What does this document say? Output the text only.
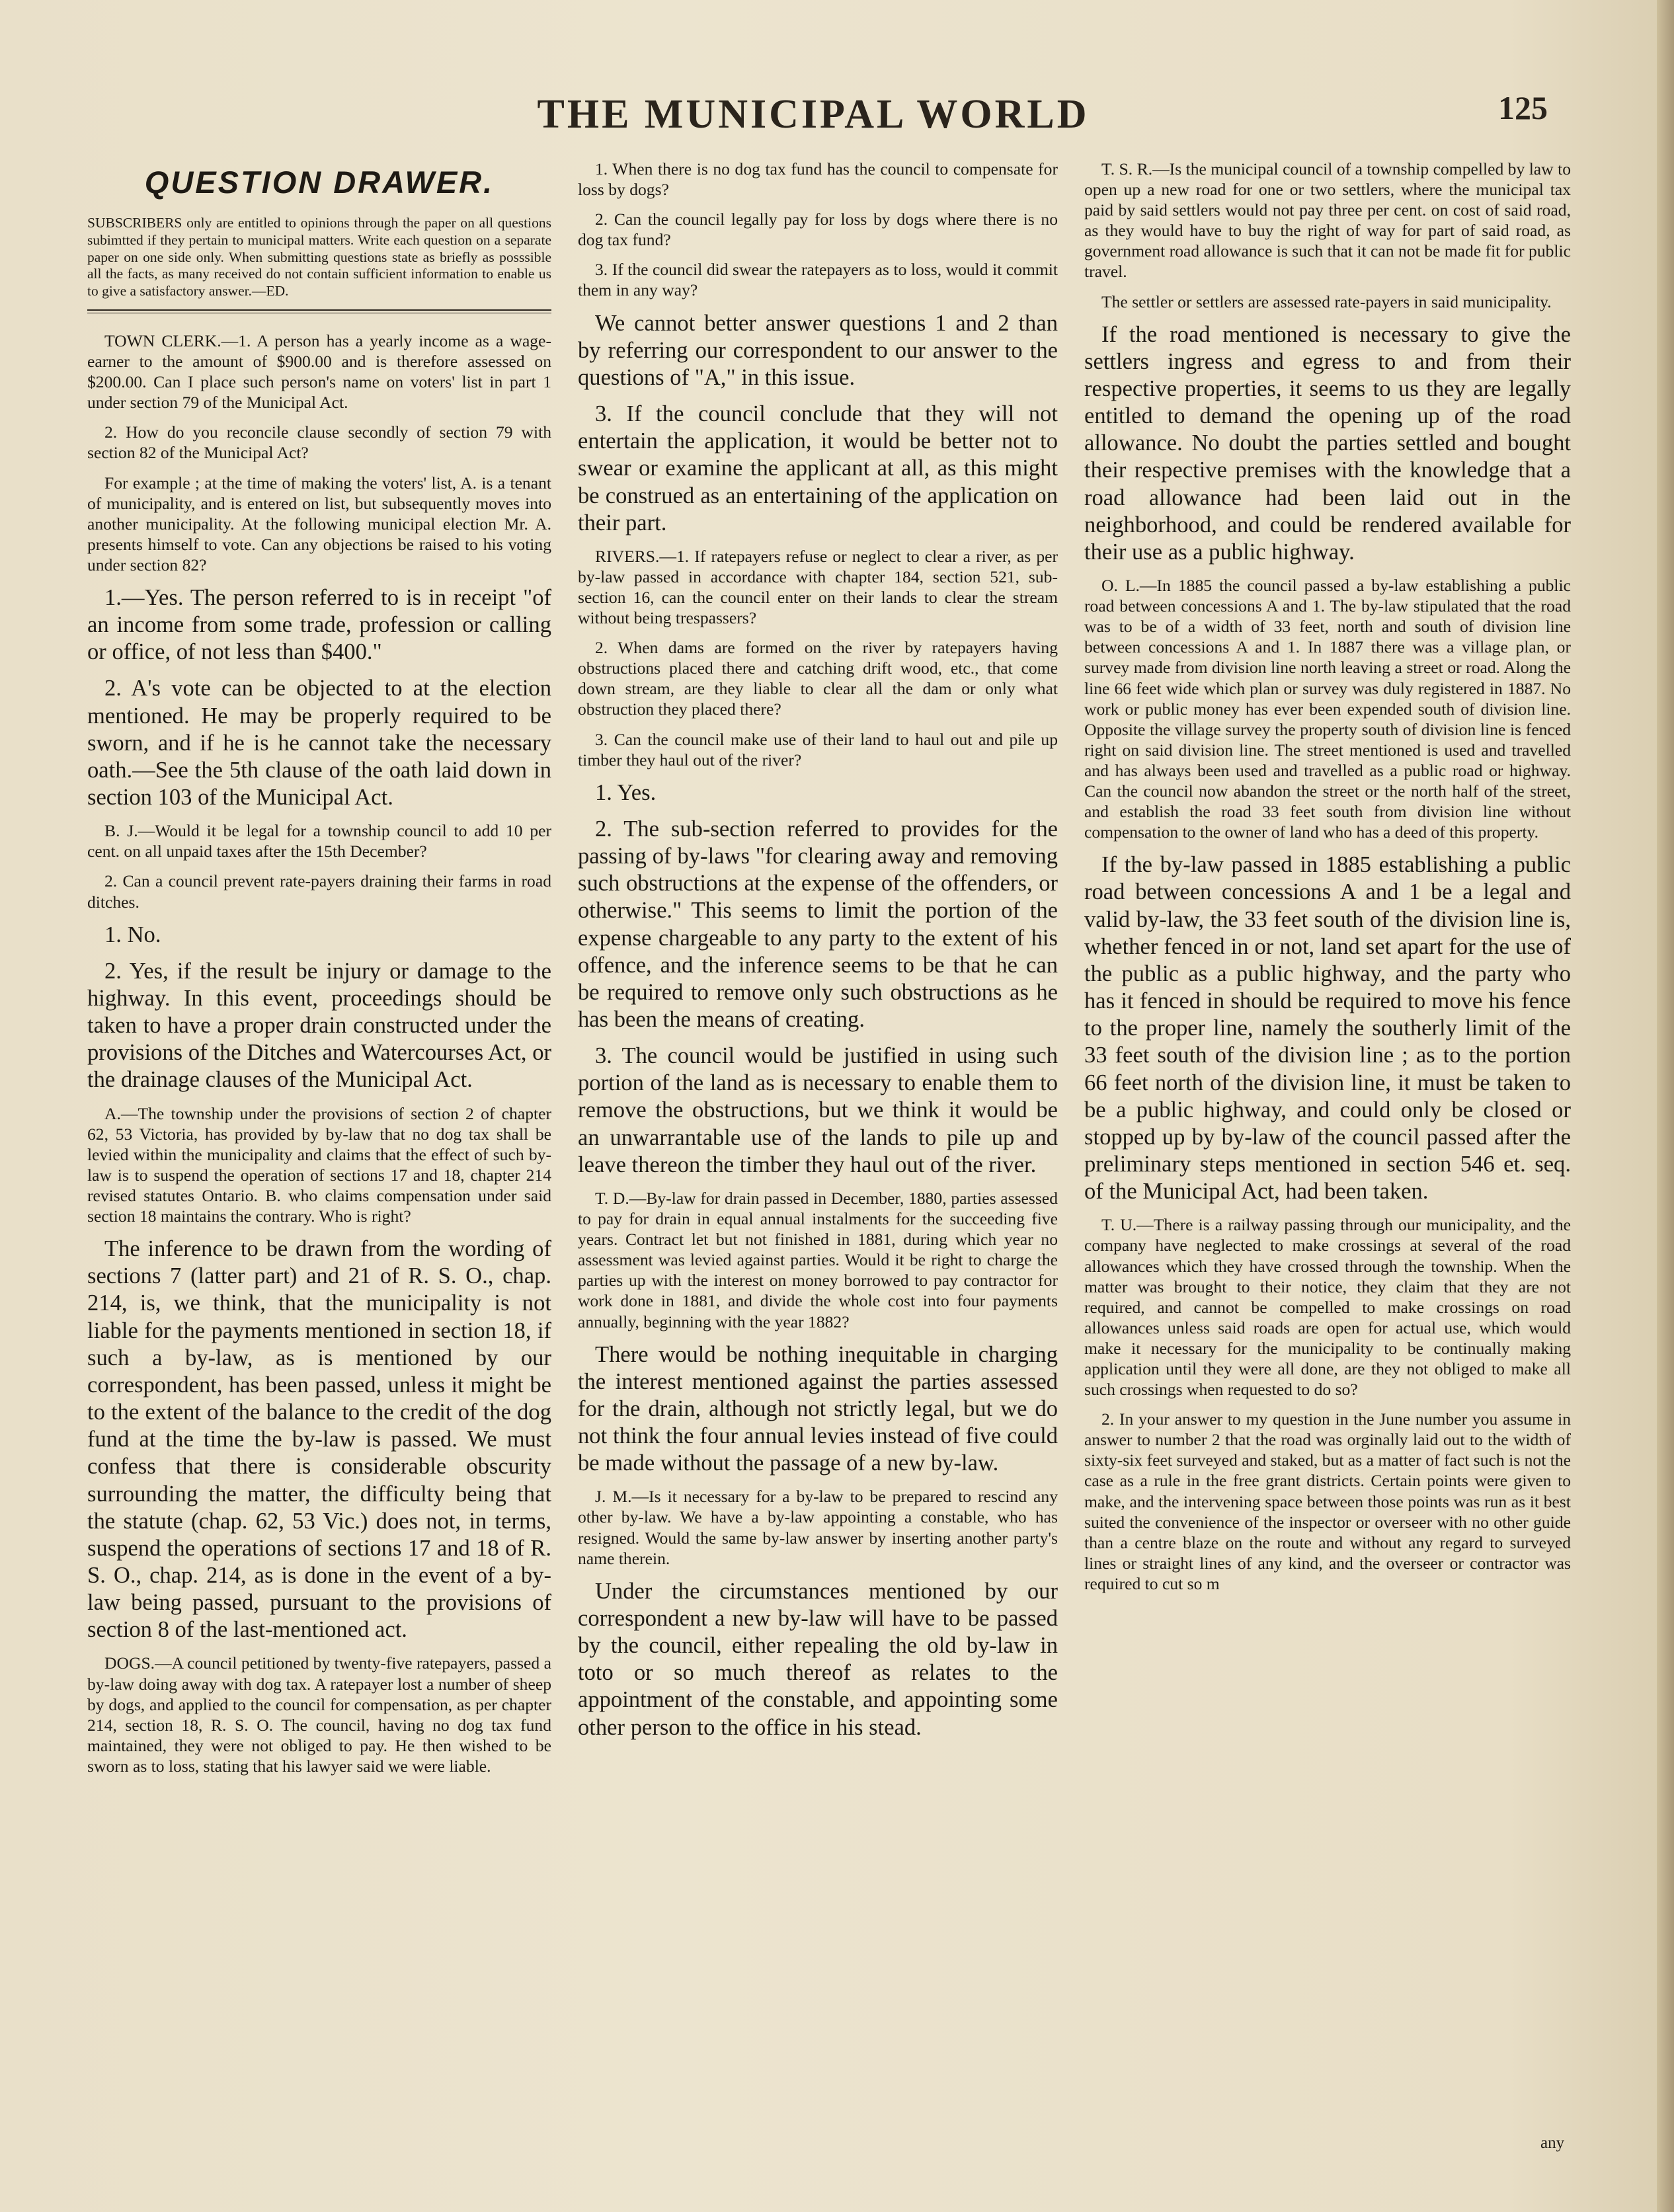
THE MUNICIPAL WORLD	125
QUESTION DRAWER.

SUBSCRIBERS only are entitled to opinions through the paper on all questions subimtted if they pertain to municipal matters. Write each question on a separate paper on one side only. When submitting questions state as briefly as posssible all the facts, as many received do not contain sufficient information to enable us to give a satisfactory answer.—ED.

TOWN CLERK.—1. A person has a yearly income as a wage-earner to the amount of $900.00 and is therefore assessed on $200.00. Can I place such person's name on voters' list in part 1 under section 79 of the Municipal Act.

2. How do you reconcile clause secondly of section 79 with section 82 of the Municipal Act?

For example ; at the time of making the voters' list, A. is a tenant of municipality, and is entered on list, but subsequently moves into another municipality. At the following municipal election Mr. A. presents himself to vote. Can any objections be raised to his voting under section 82?

1.—Yes. The person referred to is in receipt "of an income from some trade, profession or calling or office, of not less than $400."

2. A's vote can be objected to at the election mentioned. He may be properly required to be sworn, and if he is he cannot take the necessary oath.—See the 5th clause of the oath laid down in section 103 of the Municipal Act.

B. J.—Would it be legal for a township council to add 10 per cent. on all unpaid taxes after the 15th December?

2. Can a council prevent rate-payers draining their farms in road ditches.

1. No.

2. Yes, if the result be injury or damage to the highway. In this event, proceedings should be taken to have a proper drain constructed under the provisions of the Ditches and Watercourses Act, or the drainage clauses of the Municipal Act.

A.—The township under the provisions of section 2 of chapter 62, 53 Victoria, has provided by by-law that no dog tax shall be levied within the municipality and claims that the effect of such by-law is to suspend the operation of sections 17 and 18, chapter 214 revised statutes Ontario. B. who claims compensation under said section 18 maintains the contrary. Who is right?

The inference to be drawn from the wording of sections 7 (latter part) and 21 of R. S. O., chap. 214, is, we think, that the municipality is not liable for the payments mentioned in section 18, if such a by-law, as is mentioned by our correspondent, has been passed, unless it might be to the extent of the balance to the credit of the dog fund at the time the by-law is passed. We must confess that there is considerable obscurity surrounding the matter, the difficulty being that the statute (chap. 62, 53 Vic.) does not, in terms, suspend the operations of sections 17 and 18 of R. S. O., chap. 214, as is done in the event of a by-law being passed, pursuant to the provisions of section 8 of the last-mentioned act.

DOGS.—A council petitioned by twenty-five ratepayers, passed a by-law doing away with dog tax. A ratepayer lost a number of sheep by dogs, and applied to the council for compensation, as per chapter 214, section 18, R. S. O. The council, having no dog tax fund maintained, they were not obliged to pay. He then wished to be sworn as to loss, stating that his lawyer said we were liable.

1. When there is no dog tax fund has the council to compensate for loss by dogs?

2. Can the council legally pay for loss by dogs where there is no dog tax fund?

3. If the council did swear the ratepayers as to loss, would it commit them in any way?

We cannot better answer questions 1 and 2 than by referring our correspondent to our answer to the questions of "A," in this issue.

3. If the council conclude that they will not entertain the application, it would be better not to swear or examine the applicant at all, as this might be construed as an entertaining of the application on their part.

RIVERS.—1. If ratepayers refuse or neglect to clear a river, as per by-law passed in accordance with chapter 184, section 521, sub-section 16, can the council enter on their lands to clear the stream without being trespassers?

2. When dams are formed on the river by ratepayers having obstructions placed there and catching drift wood, etc., that come down stream, are they liable to clear all the dam or only what obstruction they placed there?

3. Can the council make use of their land to haul out and pile up timber they haul out of the river?

1. Yes.

2. The sub-section referred to provides for the passing of by-laws "for clearing away and removing such obstructions at the expense of the offenders, or otherwise." This seems to limit the portion of the expense chargeable to any party to the extent of his offence, and the inference seems to be that he can be required to remove only such obstructions as he has been the means of creating.

3. The council would be justified in using such portion of the land as is necessary to enable them to remove the obstructions, but we think it would be an unwarrantable use of the lands to pile up and leave thereon the timber they haul out of the river.

T. D.—By-law for drain passed in December, 1880, parties assessed to pay for drain in equal annual instalments for the succeeding five years. Contract let but not finished in 1881, during which year no assessment was levied against parties. Would it be right to charge the parties up with the interest on money borrowed to pay contractor for work done in 1881, and divide the whole cost into four payments annually, beginning with the year 1882?

There would be nothing inequitable in charging the interest mentioned against the parties assessed for the drain, although not strictly legal, but we do not think the four annual levies instead of five could be made without the passage of a new by-law.

J. M.—Is it necessary for a by-law to be prepared to rescind any other by-law. We have a by-law appointing a constable, who has resigned. Would the same by-law answer by inserting another party's name therein.

Under the circumstances mentioned by our correspondent a new by-law will have to be passed by the council, either repealing the old by-law in toto or so much thereof as relates to the appointment of the constable, and appointing some other person to the office in his stead.

T. S. R.—Is the municipal council of a township compelled by law to open up a new road for one or two settlers, where the municipal tax paid by said settlers would not pay three per cent. on cost of said road, as they would have to buy the right of way for part of said road, as government road allowance is such that it can not be made fit for public travel.

The settler or settlers are assessed rate-payers in said municipality.

If the road mentioned is necessary to give the settlers ingress and egress to and from their respective properties, it seems to us they are legally entitled to demand the opening up of the road allowance. No doubt the parties settled and bought their respective premises with the knowledge that a road allowance had been laid out in the neighborhood, and could be rendered available for their use as a public highway.

O. L.—In 1885 the council passed a by-law establishing a public road between concessions A and 1. The by-law stipulated that the road was to be of a width of 33 feet, north and south of division line between concessions A and 1. In 1887 there was a village plan, or survey made from division line north leaving a street or road. Along the line 66 feet wide which plan or survey was duly registered in 1887. No work or public money has ever been expended south of division line. Opposite the village survey the property south of division line is fenced right on said division line. The street mentioned is used and travelled and has always been used and travelled as a public road or highway. Can the council now abandon the street or the north half of the street, and establish the road 33 feet south from division line without compensation to the owner of land who has a deed of this property.

If the by-law passed in 1885 establishing a public road between concessions A and 1 be a legal and valid by-law, the 33 feet south of the division line is, whether fenced in or not, land set apart for the use of the public as a public highway, and the party who has it fenced in should be required to move his fence to the proper line, namely the southerly limit of the 33 feet south of the division line ; as to the portion 66 feet north of the division line, it must be taken to be a public highway, and could only be closed or stopped up by by-law of the council passed after the preliminary steps mentioned in section 546 et. seq. of the Municipal Act, had been taken.

T. U.—There is a railway passing through our municipality, and the company have neglected to make crossings at several of the road allowances which they have crossed through the township. When the matter was brought to their notice, they claim that they are not required, and cannot be compelled to make crossings on road allowances unless said roads are open for actual use, which would make it necessary for the municipality to be continually making application until they were all done, are they not obliged to make all such crossings when requested to do so?

2. In your answer to my question in the June number you assume in answer to number 2 that the road was orginally laid out to the width of sixty-six feet surveyed and staked, but as a matter of fact such is not the case as a rule in the free grant districts. Certain points were given to make, and the intervening space between those points was run as it best suited the convenience of the inspector or overseer with no other guide than a centre blaze on the route and without any regard to surveyed lines or straight lines of any kind, and the overseer or contractor was required to cut so m

any
